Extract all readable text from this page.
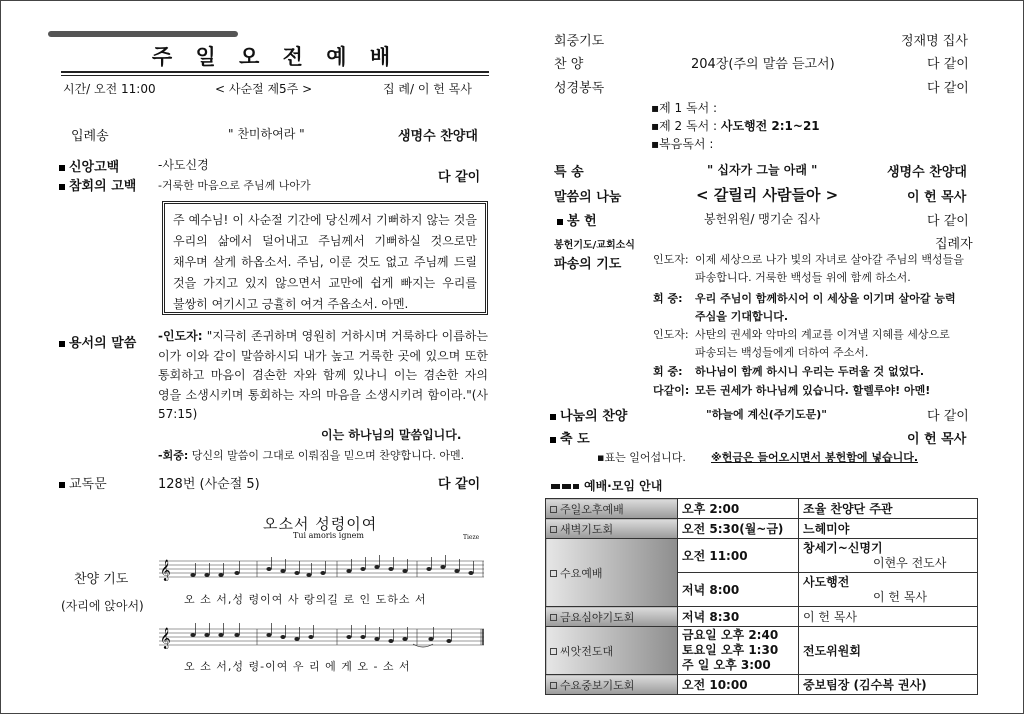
주 일 오 전 예 배
시간/ 오전 11:00	< 사순절 제5주 >	집 례/ 이 헌 목사
입례송	" 찬미하여라 "	생명수 찬양대
신앙고백	-사도신경
참회의 고백 -거룩한 마음으로 주님께 나아가
다 같이

주 예수님! 이 사순절 기간에 당신께서 기뻐하지 않는 것을 우리의 삶에서 덜어내고 주님께서 기뻐하실 것으로만 채우며 살게 하옵소서. 주님, 이룬 것도 없고 주님께 드릴 것을 가지고 있지 않으면서 교만에 쉽게 빠지는 우리를 불쌍히 여기시고 긍휼히 여겨 주옵소서. 아멘.

용서의 말씀 -인도자: "지극히 존귀하며 영원히 거하시며 거룩하다 이름하는 이가 이와 같이 말씀하시되 내가 높고 거룩한 곳에 있으며 또한 통회하고 마음이 겸손한 자와 함께 있나니 이는 겸손한 자의 영을 소생시키며 통회하는 자의 마음을 소생시키려 함이라."(사 57:15)
이는 하나님의 말씀입니다.
-회중: 당신의 말씀이 그대로 이뤄짐을 믿으며 찬양합니다. 아멘.
교독문	128번 (사순절 5)	다 같이
오소서 성령이여
Tui amoris ignem	Tieze
찬양 기도
(자리에 앉아서)
𝄞
오 소 서,성 령이여 사 랑의길 로 인 도하소 서
𝄞
오 소 서,성 령-이여 우 리 에 게 오 - 소 서
회중기도	정재명 집사
찬 양	204장(주의 말씀 듣고서)	다 같이
성경봉독	다 같이
▪제 1 독서 :
▪제 2 독서 : 사도행전 2:1~21
▪복음독서 :
특 송	" 십자가 그늘 아래 "	생명수 찬양대
말씀의 나눔	< 갈릴리 사람들아 >	이 헌 목사
봉 헌	봉헌위원/ 맹기순 집사	다 같이
봉헌기도/교회소식	집례자
파송의 기도	인도자: 이제 세상으로 나가 빛의 자녀로 살아갈 주님의 백성들을 파송합니다. 거룩한 백성들 위에 함께 하소서.
회 중: 우리 주님이 함께하시어 이 세상을 이기며 살아갈 능력 주심을 기대합니다.
인도자: 사탄의 권세와 악마의 계교를 이겨낼 지혜를 세상으로 파송되는 백성들에게 더하여 주소서.
회 중: 하나님이 함께 하시니 우리는 두려울 것 없었다.
다같이: 모든 권세가 하나님께 있습니다. 할렐루야! 아멘!
나눔의 찬양	"하늘에 계신(주기도문)"	다 같이
축 도	이 헌 목사
▪표는 일어섭니다. ※헌금은 들어오시면서 봉헌함에 넣습니다.
예배·모임 안내
주일오후예배	오후 2:00	조율 찬양단 주관
새벽기도회	오전 5:30(월~금)	느헤미야
수요예배	오전 11:00	창세기~신명기
이현우 전도사

	저녁 8:00	사도행전
이 헌 목사

금요심야기도회	저녁 8:30	이 헌 목사
씨앗전도대	금요일 오후 2:40
토요일 오후 1:30
주 일 오후 3:00	전도위원회
수요중보기도회	오전 10:00	중보팀장 (김수복 권사)
